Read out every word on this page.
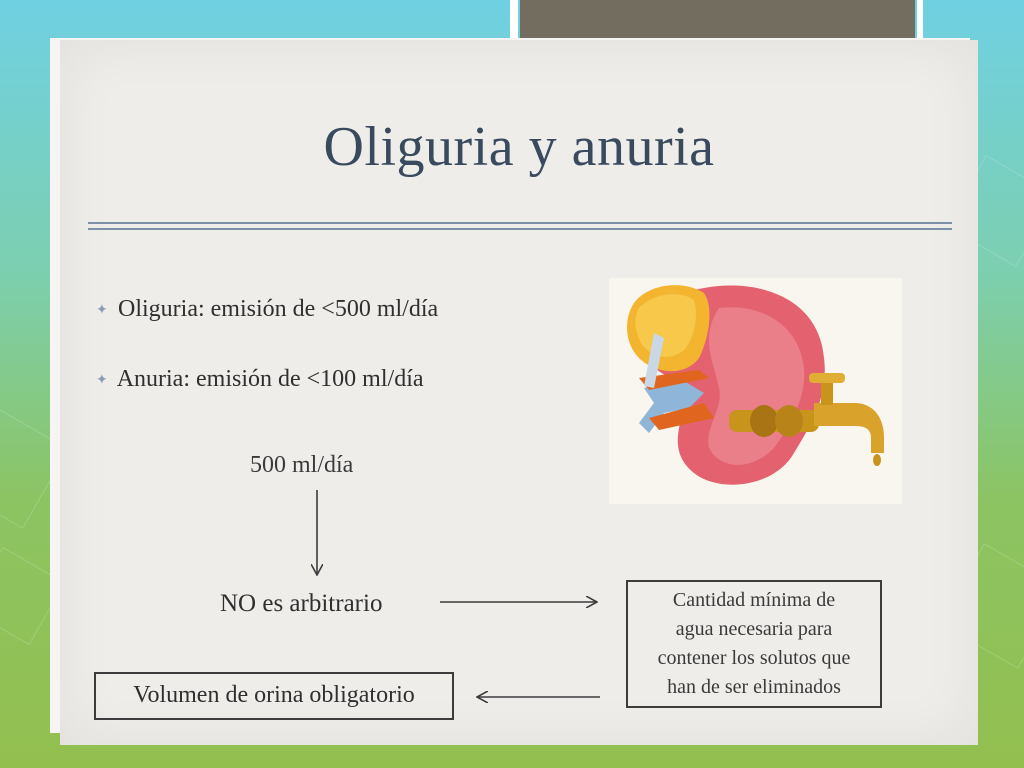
Oliguria y anuria
✦ Oliguria: emisión de <500 ml/día
✦ Anuria: emisión de <100 ml/día
500 ml/día
NO es arbitrario	Cantidad mínima de
agua necesaria para
contener los solutos que
han de ser eliminados
Volumen de orina obligatorio
